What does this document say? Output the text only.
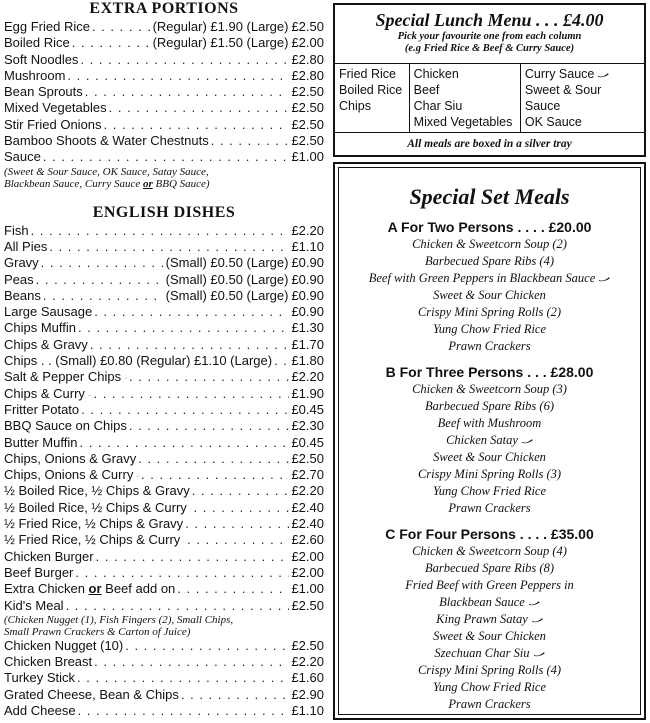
EXTRA PORTIONS
Egg Fried Rice . . .	(Regular) £1.90 (Large) £2.50
Boiled Rice . . .	(Regular) £1.50 (Large) £2.00
Soft Noodles . . .	£2.80
Mushroom . . .	£2.80
Bean Sprouts . . .	£2.50
Mixed Vegetables . . .	£2.50
Stir Fried Onions . . .	£2.50
Bamboo Shoots & Water Chestnuts . . .	£2.50
Sauce . . .	£1.00
(Sweet & Sour Sauce, OK Sauce, Satay Sauce,
Blackbean Sauce, Curry Sauce or BBQ Sauce)
ENGLISH DISHES
Fish . . .	£2.20
All Pies . . .	£1.10
Gravy . . .	(Small) £0.50 (Large) £0.90
Peas . . .	(Small) £0.50 (Large) £0.90
Beans . . .	(Small) £0.50 (Large) £0.90
Large Sausage . . .	£0.90
Chips Muffin . . .	£1.30
Chips & Gravy . . .	£1.70
Chips . . (Small) £0.80 (Regular) £1.10 (Large) . . . £1.80
Salt & Pepper Chips . . .	£2.20
Chips & Curry . . .	£1.90
Fritter Potato . . .	£0.45
BBQ Sauce on Chips . . .	£2.30
Butter Muffin . . .	£0.45
Chips, Onions & Gravy . . .	£2.50
Chips, Onions & Curry . . .	£2.70
½ Boiled Rice, ½ Chips & Gravy . . .	£2.20
½ Boiled Rice, ½ Chips & Curry . . .	£2.40
½ Fried Rice, ½ Chips & Gravy . . .	£2.40
½ Fried Rice, ½ Chips & Curry . . .	£2.60
Chicken Burger . . .	£2.00
Beef Burger . . .	£2.00
Extra Chicken or Beef add on . . .	£1.00
Kid's Meal . . .	£2.50
(Chicken Nugget (1), Fish Fingers (2), Small Chips,
Small Prawn Crackers & Carton of Juice)
Chicken Nugget (10) . . .	£2.50
Chicken Breast . . .	£2.20
Turkey Stick . . .	£1.60
Grated Cheese, Bean & Chips . . .	£2.90
Add Cheese . . .	£1.10
Special Lunch Menu . . . £4.00
Pick your favourite one from each column
(e.g Fried Rice & Beef & Curry Sauce)
Fried Rice
Boiled Rice
Chips

Chicken
Beef
Char Siu
Mixed Vegetables

Curry Sauce
Sweet & Sour Sauce
OK Sauce
All meals are boxed in a silver tray
Special Set Meals
A For Two Persons . . . . £20.00
Chicken & Sweetcorn Soup (2)
Barbecued Spare Ribs (4)
Beef with Green Peppers in Blackbean Sauce
Sweet & Sour Chicken
Crispy Mini Spring Rolls (2)
Yung Chow Fried Rice
Prawn Crackers
B For Three Persons . . . £28.00
Chicken & Sweetcorn Soup (3)
Barbecued Spare Ribs (6)
Beef with Mushroom
Chicken Satay
Sweet & Sour Chicken
Crispy Mini Spring Rolls (3)
Yung Chow Fried Rice
Prawn Crackers
C For Four Persons . . . . £35.00
Chicken & Sweetcorn Soup (4)
Barbecued Spare Ribs (8)
Fried Beef with Green Peppers in
Blackbean Sauce
King Prawn Satay
Sweet & Sour Chicken
Szechuan Char Siu
Crispy Mini Spring Rolls (4)
Yung Chow Fried Rice
Prawn Crackers
